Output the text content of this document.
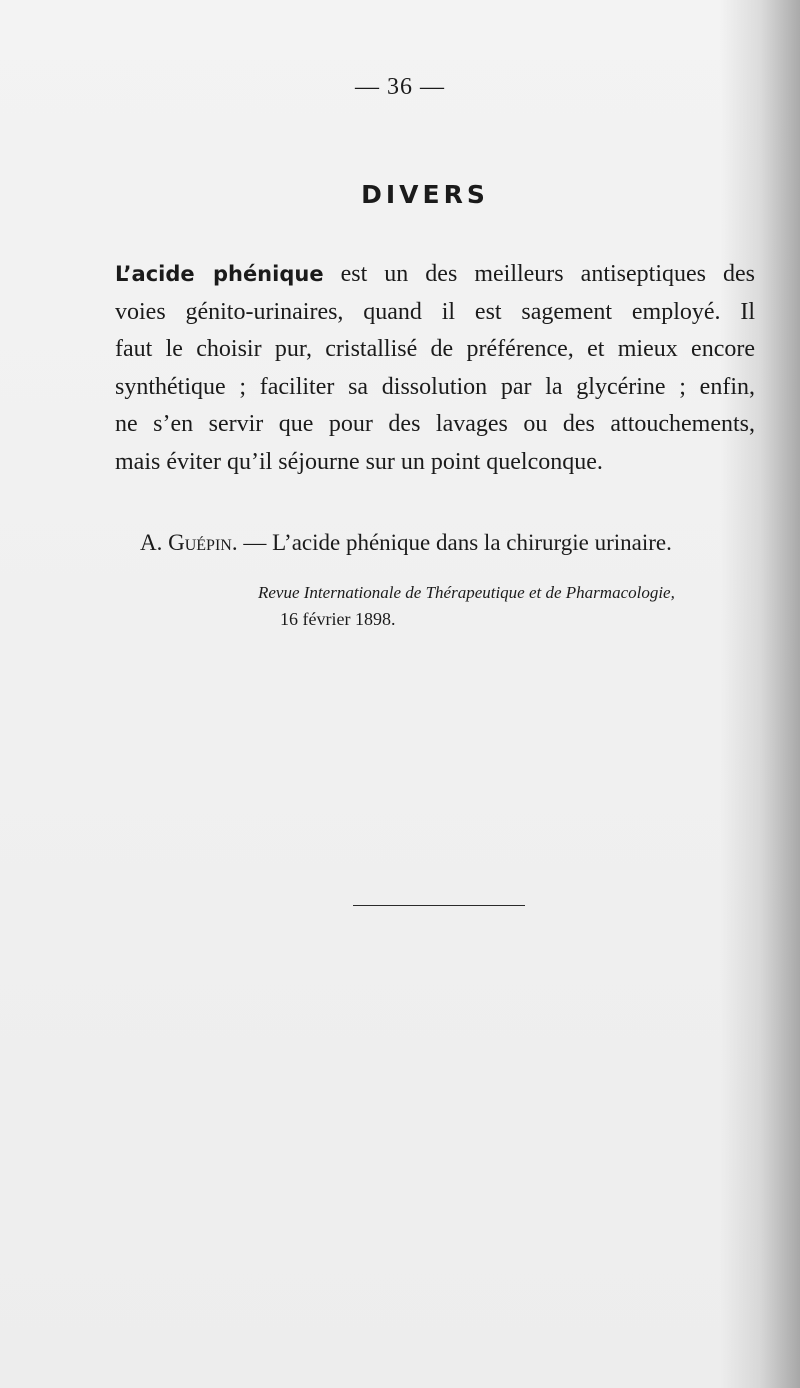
— 36 —
DIVERS
L’acide phénique est un des meilleurs antiseptiques des
voies génito-urinaires, quand il est sagement employé. Il
faut le choisir pur, cristallisé de préférence, et mieux encore
synthétique ; faciliter sa dissolution par la glycérine ; enfin,
ne s’en servir que pour des lavages ou des attouchements,
mais éviter qu’il séjourne sur un point quelconque.
A. Guépin. — L’acide phénique dans la chirurgie urinaire.
Revue Internationale de Thérapeutique et de Pharmacologie,
16 février 1898.
